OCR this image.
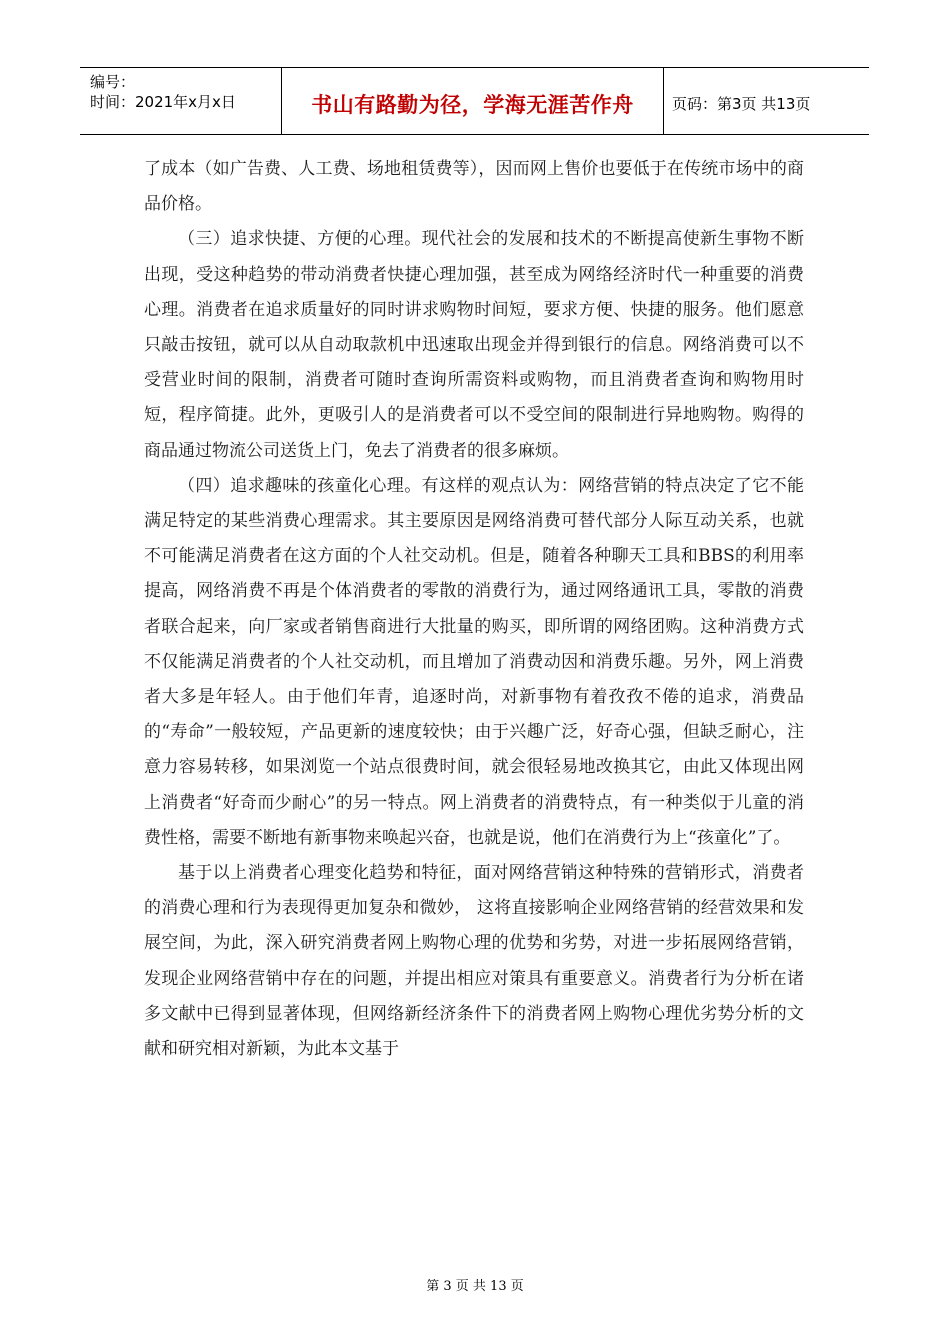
编号：
时间：2021年x月x日	书山有路勤为径，学海无涯苦作舟	页码：第3页 共13页

了成本（如广告费、人工费、场地租赁费等），因而网上售价也要低于在传统市场中的商品价格。

（三）追求快捷、方便的心理。现代社会的发展和技术的不断提高使新生事物不断出现，受这种趋势的带动消费者快捷心理加强，甚至成为网络经济时代一种重要的消费心理。消费者在追求质量好的同时讲求购物时间短，要求方便、快捷的服务。他们愿意只敲击按钮，就可以从自动取款机中迅速取出现金并得到银行的信息。网络消费可以不受营业时间的限制，消费者可随时查询所需资料或购物，而且消费者查询和购物用时短，程序简捷。此外，更吸引人的是消费者可以不受空间的限制进行异地购物。购得的商品通过物流公司送货上门，免去了消费者的很多麻烦。

（四）追求趣味的孩童化心理。有这样的观点认为：网络营销的特点决定了它不能满足特定的某些消费心理需求。其主要原因是网络消费可替代部分人际互动关系，也就不可能满足消费者在这方面的个人社交动机。但是，随着各种聊天工具和BBS的利用率提高，网络消费不再是个体消费者的零散的消费行为，通过网络通讯工具，零散的消费者联合起来，向厂家或者销售商进行大批量的购买，即所谓的网络团购。这种消费方式不仅能满足消费者的个人社交动机，而且增加了消费动因和消费乐趣。另外，网上消费者大多是年轻人。由于他们年青，追逐时尚，对新事物有着孜孜不倦的追求，消费品的“寿命”一般较短，产品更新的速度较快；由于兴趣广泛，好奇心强，但缺乏耐心，注意力容易转移，如果浏览一个站点很费时间，就会很轻易地改换其它，由此又体现出网上消费者“好奇而少耐心”的另一特点。网上消费者的消费特点，有一种类似于儿童的消费性格，需要不断地有新事物来唤起兴奋，也就是说，他们在消费行为上“孩童化”了。

基于以上消费者心理变化趋势和特征，面对网络营销这种特殊的营销形式，消费者的消费心理和行为表现得更加复杂和微妙， 这将直接影响企业网络营销的经营效果和发展空间，为此，深入研究消费者网上购物心理的优势和劣势，对进一步拓展网络营销，发现企业网络营销中存在的问题，并提出相应对策具有重要意义。消费者行为分析在诸多文献中已得到显著体现，但网络新经济条件下的消费者网上购物心理优劣势分析的文献和研究相对新颖，为此本文基于

第 3 页 共 13 页
